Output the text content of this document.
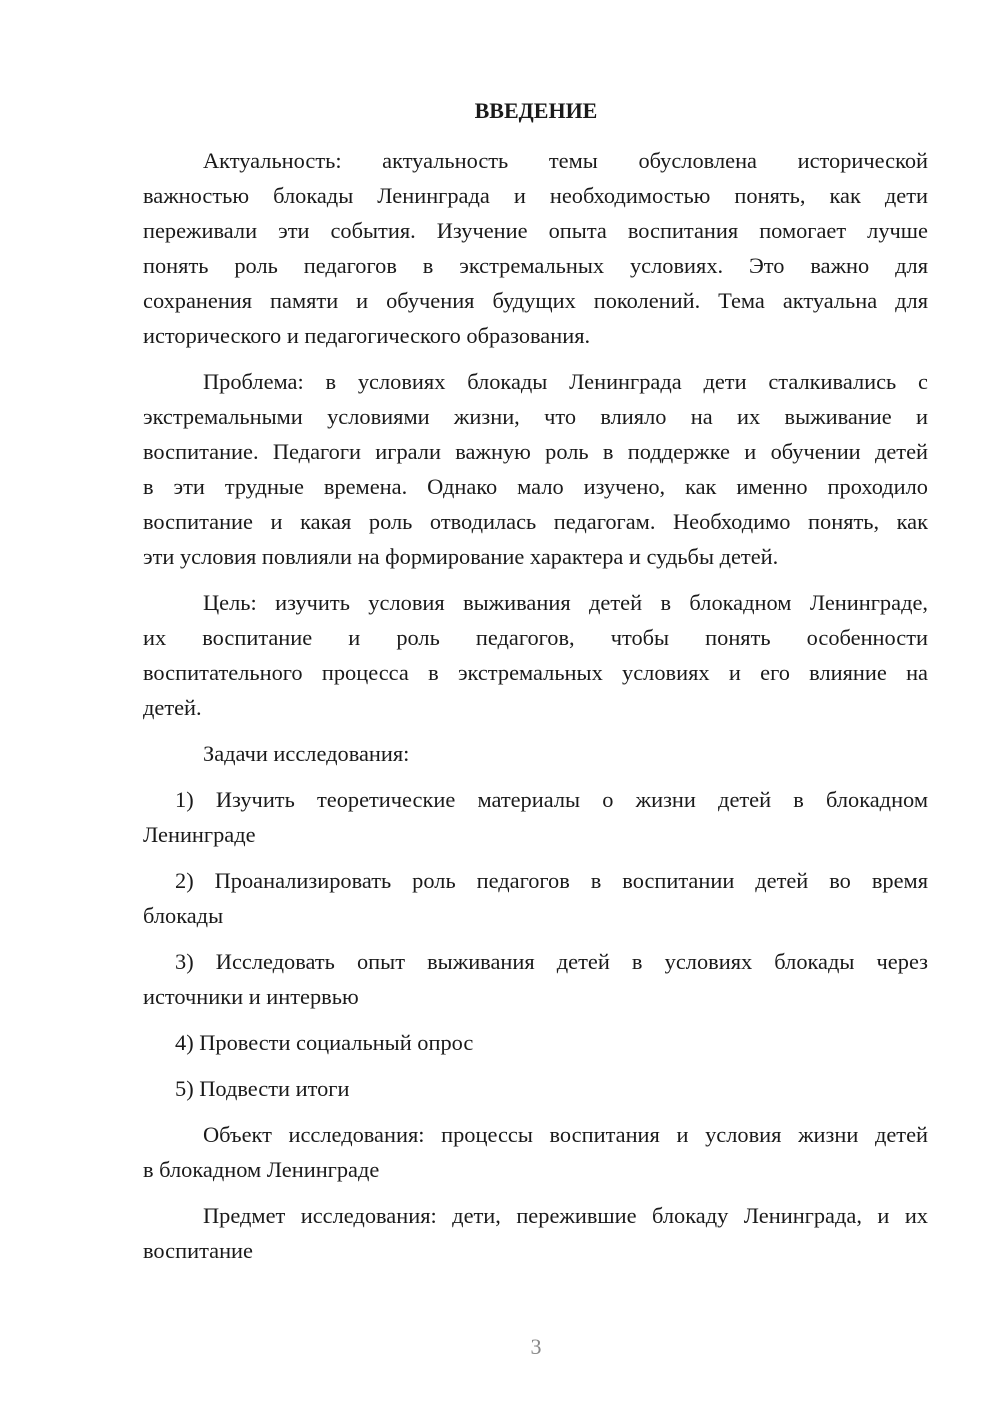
ВВЕДЕНИЕ
Актуальность: актуальность темы обусловлена исторической
важностью блокады Ленинграда и необходимостью понять, как дети
переживали эти события. Изучение опыта воспитания помогает лучше
понять роль педагогов в экстремальных условиях. Это важно для
сохранения памяти и обучения будущих поколений. Тема актуальна для
исторического и педагогического образования.
Проблема: в условиях блокады Ленинграда дети сталкивались с
экстремальными условиями жизни, что влияло на их выживание и
воспитание. Педагоги играли важную роль в поддержке и обучении детей
в эти трудные времена. Однако мало изучено, как именно проходило
воспитание и какая роль отводилась педагогам. Необходимо понять, как
эти условия повлияли на формирование характера и судьбы детей.
Цель: изучить условия выживания детей в блокадном Ленинграде,
их воспитание и роль педагогов, чтобы понять особенности
воспитательного процесса в экстремальных условиях и его влияние на
детей.
Задачи исследования:
1) Изучить теоретические материалы о жизни детей в блокадном
Ленинграде
2) Проанализировать роль педагогов в воспитании детей во время
блокады
3) Исследовать опыт выживания детей в условиях блокады через
источники и интервью
4) Провести социальный опрос
5) Подвести итоги
Объект исследования: процессы воспитания и условия жизни детей
в блокадном Ленинграде
Предмет исследования: дети, пережившие блокаду Ленинграда, и их
воспитание
3
